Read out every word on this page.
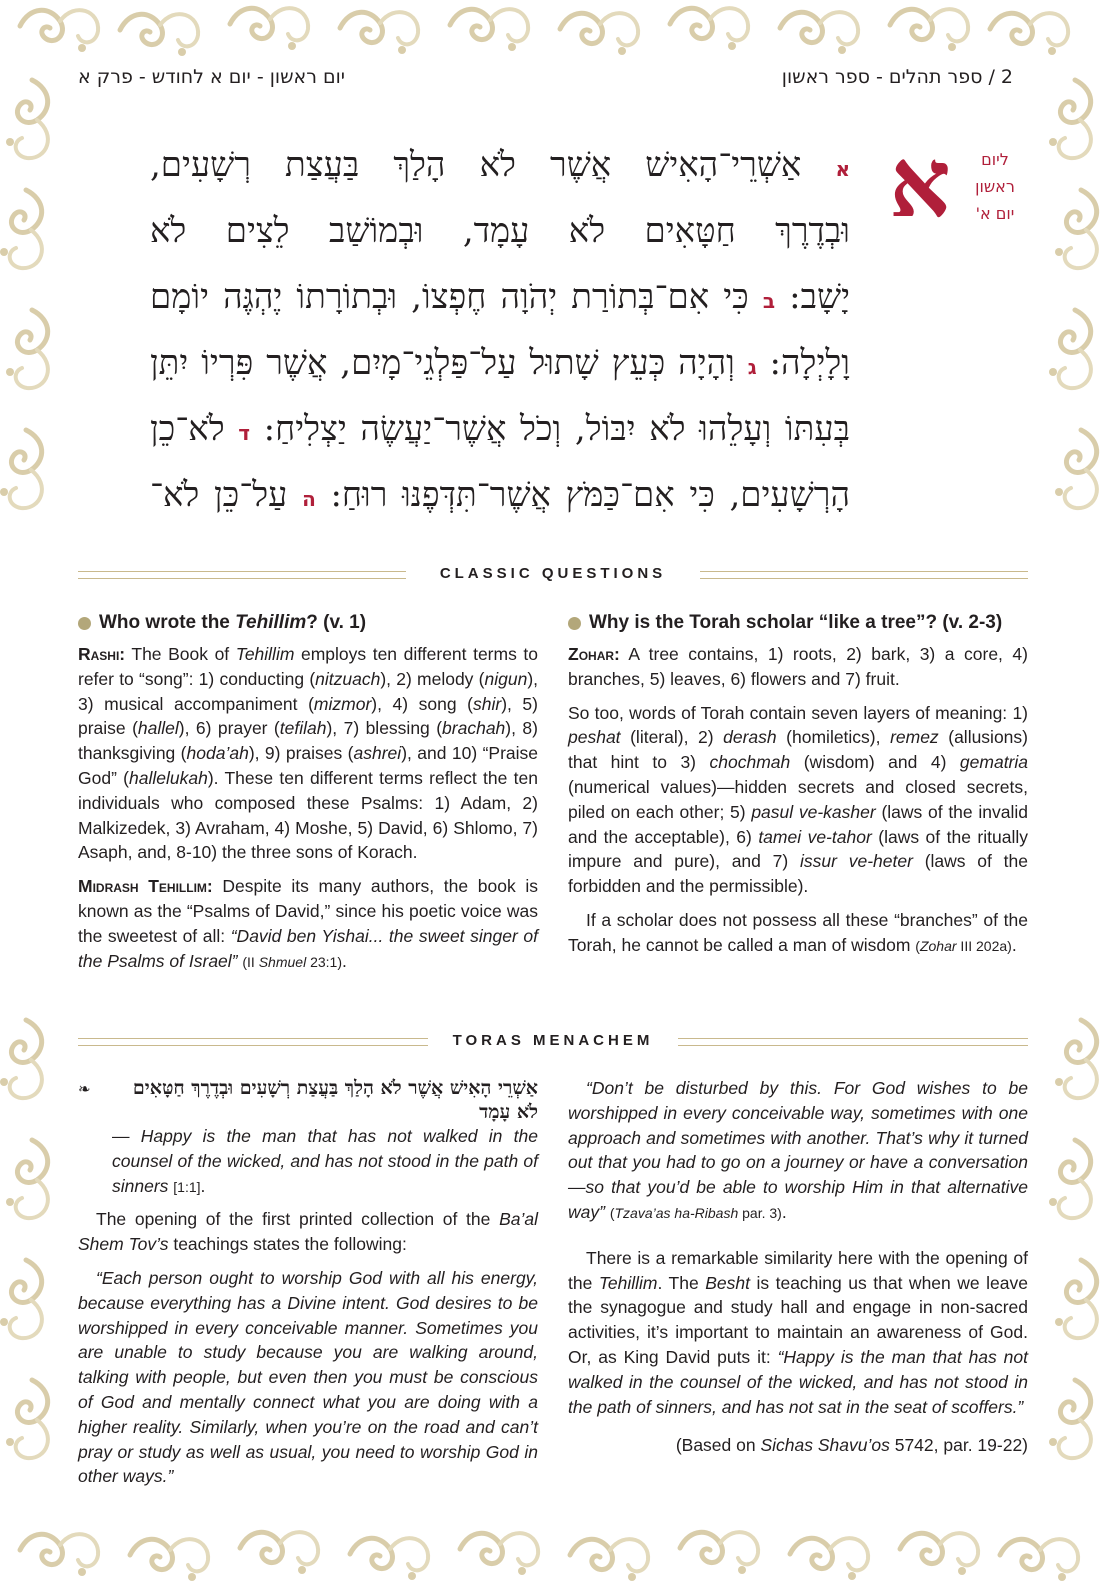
יום ראשון - יום א לחודש - פרק א	2 / ספר תהלים - ספר ראשון
א	ליום
ראשון
יום א'
א אַשְׁרֵי־הָאִישׁ אֲשֶׁר לֹא הָלַךְ בַּעֲצַת רְשָׁעִים,
וּבְדֶרֶךְ חַטָּאִים לֹא עָמָד, וּבְמוֹשַׁב לֵצִים לֹא
יָשָׁב: ב כִּי אִם־בְּתוֹרַת יְהֹוָה חֶפְצוֹ, וּבְתוֹרָתוֹ יֶהְגֶּה יוֹמָם
וָלָיְלָה: ג וְהָיָה כְּעֵץ שָׁתוּל עַל־פַּלְגֵי־מָיִם, אֲשֶׁר פִּרְיוֹ יִתֵּן
בְּעִתּוֹ וְעָלֵהוּ לֹא יִבּוֹל, וְכֹל אֲשֶׁר־יַעֲשֶׂה יַצְלִיחַ: ד לֹא־כֵן
הָרְשָׁעִים, כִּי אִם־כַּמֹּץ אֲשֶׁר־תִּדְּפֶנּוּ רוּחַ: ה עַל־כֵּן לֹא־
CLASSIC QUESTIONS
Who wrote the Tehillim? (v. 1)

Rashi: The Book of Tehillim employs ten different terms to refer to “song”: 1) conducting (nitzuach), 2) melody (nigun), 3) musical accompaniment (mizmor), 4) song (shir), 5) praise (hallel), 6) prayer (tefilah), 7) blessing (brachah), 8) thanksgiving (hoda’ah), 9) praises (ashrei), and 10) “Praise God” (hallelukah). These ten different terms reflect the ten individuals who composed these Psalms: 1) Adam, 2) Malkizedek, 3) Avraham, 4) Moshe, 5) David, 6) Shlomo, 7) Asaph, and, 8-10) the three sons of Korach.

Midrash Tehillim: Despite its many authors, the book is known as the “Psalms of David,” since his poetic voice was the sweetest of all: “David ben Yishai... the sweet singer of the Psalms of Israel” (II Shmuel 23:1).

Why is the Torah scholar “like a tree”? (v. 2-3)

Zohar: A tree contains, 1) roots, 2) bark, 3) a core, 4) branches, 5) leaves, 6) flowers and 7) fruit.

So too, words of Torah contain seven layers of meaning: 1) peshat (literal), 2) derash (homiletics), remez (allusions) that hint to 3) chochmah (wisdom) and 4) gematria (numerical values)—hidden secrets and closed secrets, piled on each other; 5) pasul ve-kasher (laws of the invalid and the acceptable), 6) tamei ve-tahor (laws of the ritually impure and pure), and 7) issur ve-heter (laws of the forbidden and the permissible).

If a scholar does not possess all these “branches” of the Torah, he cannot be called a man of wisdom (Zohar III 202a).

TORAS MENACHEM
❧	אַשְׁרֵי הָאִישׁ אֲשֶׁר לֹא הָלַךְ בַּעֲצַת רְשָׁעִים וּבְדֶרֶךְ חַטָּאִים לֹא עָמָד
— Happy is the man that has not walked in the counsel of the wicked, and has not stood in the path of sinners [1:1].

The opening of the first printed collection of the Ba’al Shem Tov’s teachings states the following:

“Each person ought to worship God with all his energy, because everything has a Divine intent. God desires to be worshipped in every conceivable manner. Sometimes you are unable to study because you are walking around, talking with people, but even then you must be conscious of God and mentally connect what you are doing with a higher reality. Similarly, when you’re on the road and can’t pray or study as well as usual, you need to worship God in other ways.”

“Don’t be disturbed by this. For God wishes to be worshipped in every conceivable way, sometimes with one approach and sometimes with another. That’s why it turned out that you had to go on a journey or have a conversation—so that you’d be able to worship Him in that alternative way” (Tzava’as ha-Ribash par. 3).

There is a remarkable similarity here with the opening of the Tehillim. The Besht is teaching us that when we leave the synagogue and study hall and engage in non-sacred activities, it’s important to maintain an awareness of God. Or, as King David puts it: “Happy is the man that has not walked in the counsel of the wicked, and has not stood in the path of sinners, and has not sat in the seat of scoffers.”

(Based on Sichas Shavu’os 5742, par. 19-22)
